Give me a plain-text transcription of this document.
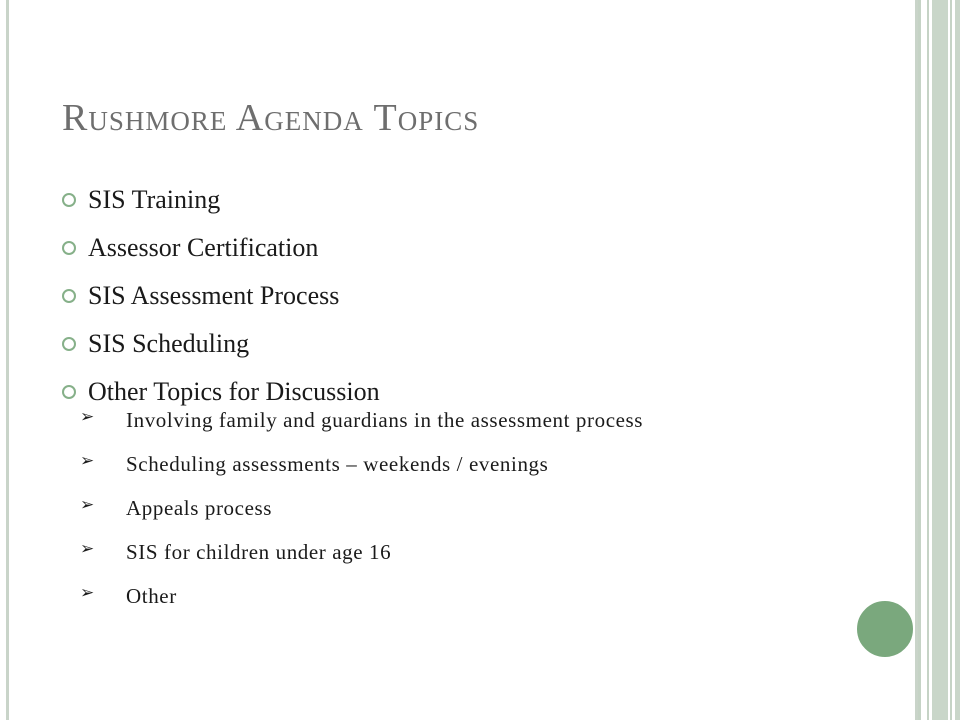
Rushmore Agenda Topics
SIS Training
Assessor Certification
SIS Assessment Process
SIS Scheduling
Other Topics for Discussion
➢	Involving family and guardians in the assessment process
➢	Scheduling assessments – weekends / evenings
➢	Appeals process
➢	SIS for children under age 16
➢	Other
